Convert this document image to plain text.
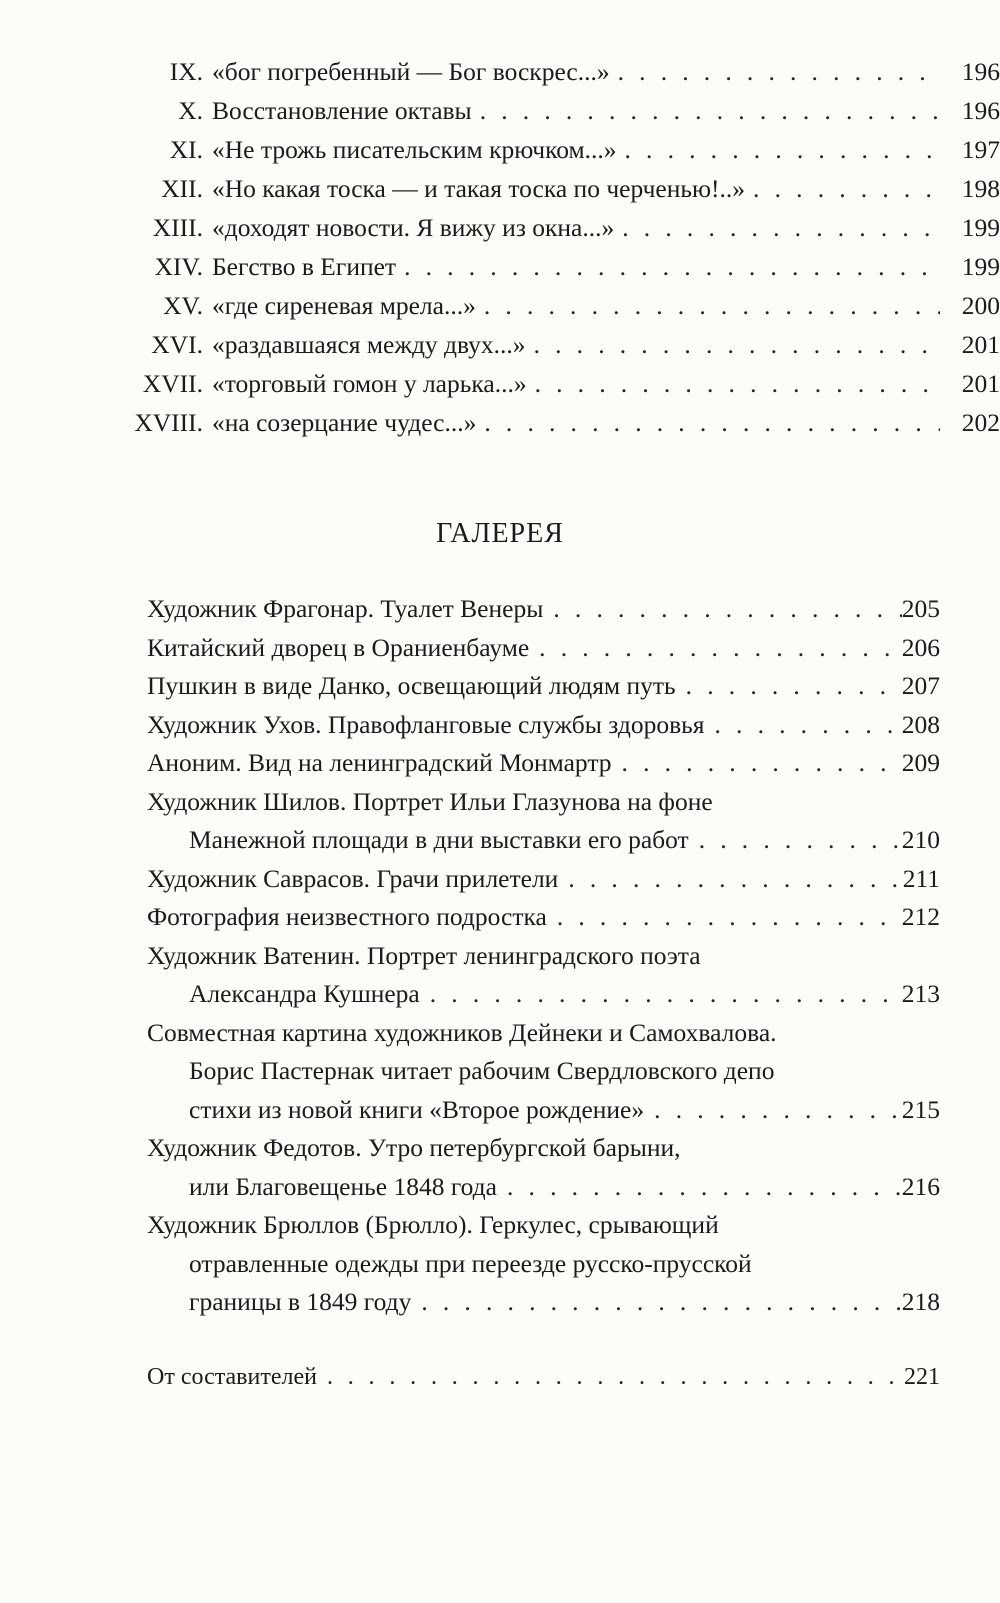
IX. «бог погребенный — Бог воскрес...» . . .	196
X. Восстановление октавы . . .	196
XI. «Не трожь писательским крючком...» . . .	197
XII. «Но какая тоска — и такая тоска по черченью!..» . . .	198
XIII. «доходят новости. Я вижу из окна...» . . .	199
XIV. Бегство в Египет . . .	199
XV. «где сиреневая мрела...» . . .	200
XVI. «раздавшаяся между двух...» . . .	201
XVII. «торговый гомон у ларька...» . . .	201
XVIII. «на созерцание чудес...» . . .	202
ГАЛЕРЕЯ
Художник Фрагонар. Туалет Венеры . . .	205
Китайский дворец в Ораниенбауме . . .	206
Пушкин в виде Данко, освещающий людям путь . . .	207
Художник Ухов. Правофланговые службы здоровья . . .	208
Аноним. Вид на ленинградский Монмартр . . .	209
Художник Шилов. Портрет Ильи Глазунова на фоне
Манежной площади в дни выставки его работ . . .	210
Художник Саврасов. Грачи прилетели . . .	211
Фотография неизвестного подростка . . .	212
Художник Ватенин. Портрет ленинградского поэта
Александра Кушнера . . .	213
Совместная картина художников Дейнеки и Самохвалова.
Борис Пастернак читает рабочим Свердловского депо
стихи из новой книги «Второе рождение» . . .	215
Художник Федотов. Утро петербургской барыни,
или Благовещенье 1848 года . . .	216
Художник Брюллов (Брюлло). Геркулес, срывающий
отравленные одежды при переезде русско-прусской
границы в 1849 году . . .	218
От составителей . . .	221
